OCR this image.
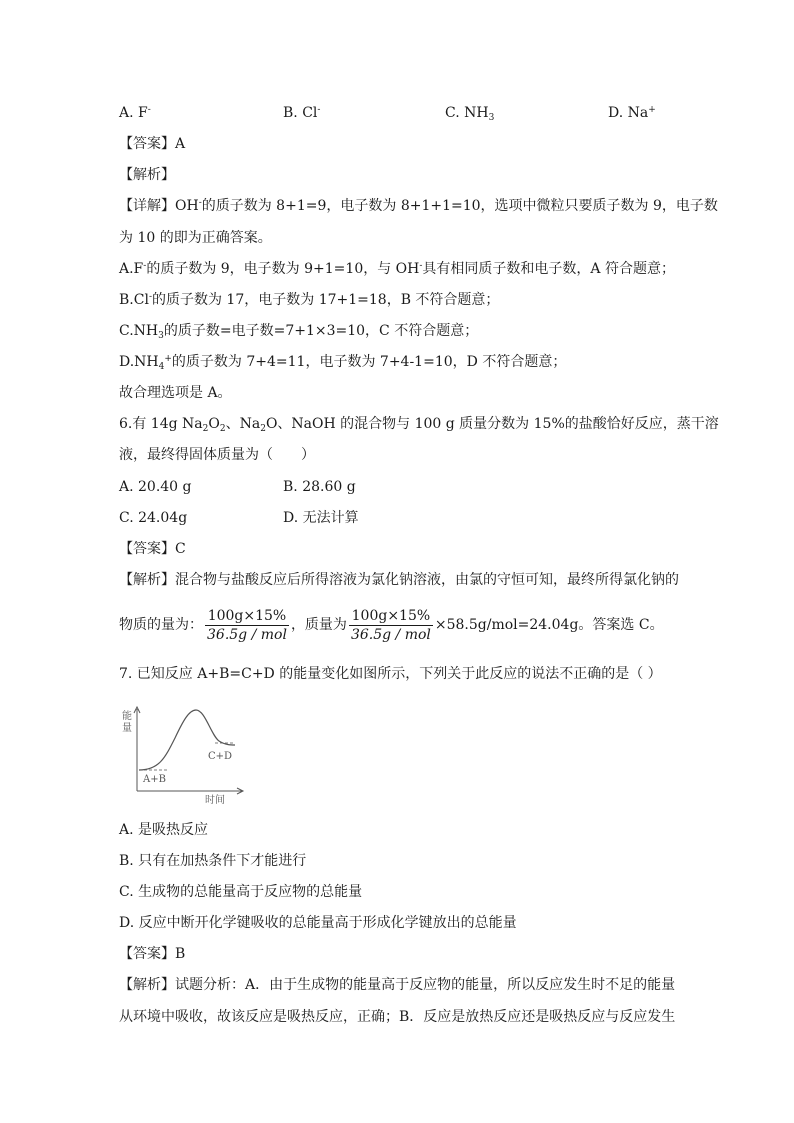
A. F-	B. Cl-	C. $NH_3$	D. Na+
【答案】A
【解析】
【详解】OH-的质子数为 8+1=9，电子数为 8+1+1=10，选项中微粒只要质子数为 9，电子数
为 10 的即为正确答案。
A.F-的质子数为 9，电子数为 9+1=10，与 OH-具有相同质子数和电子数，A 符合题意；
B.Cl-的质子数为 17，电子数为 17+1=18，B 不符合题意；
$C.NH_3$的质子数=电子数=7+1×3=10，C 不符合题意；
$D.NH_4^+$的质子数为 7+4=11，电子数为 7+4-1=10，D 不符合题意；
故合理选项是 A。
6.有 14g $Na_2O_2$、$Na_2O$、NaOH 的混合物与 100 g 质量分数为 15%的盐酸恰好反应，蒸干溶
液，最终得固体质量为（　　）
A. 20.40 g	B. 28.60 g
C. 24.04g	D. 无法计算
【答案】C
【解析】混合物与盐酸反应后所得溶液为氯化钠溶液，由氯的守恒可知，最终所得氯化钠的
物质的量为： $\frac{100g\times 15\%}{\text{36.5g / mol}}$ ，质量为 $\frac{100g\times 15\%}{\text{36.5g / mol}} \times 58.5g/mol=24.04g$。答案选 C。
7. 已知反应 A+B=C+D 的能量变化如图所示，下列关于此反应的说法不正确的是（ ）
能
量
A+B
C+D
时间
A. 是吸热反应
B. 只有在加热条件下才能进行
C. 生成物的总能量高于反应物的总能量
D. 反应中断开化学键吸收的总能量高于形成化学键放出的总能量
【答案】B
【解析】试题分析：A．由于生成物的能量高于反应物的能量，所以反应发生时不足的能量
从环境中吸收，故该反应是吸热反应，正确；B．反应是放热反应还是吸热反应与反应发生
